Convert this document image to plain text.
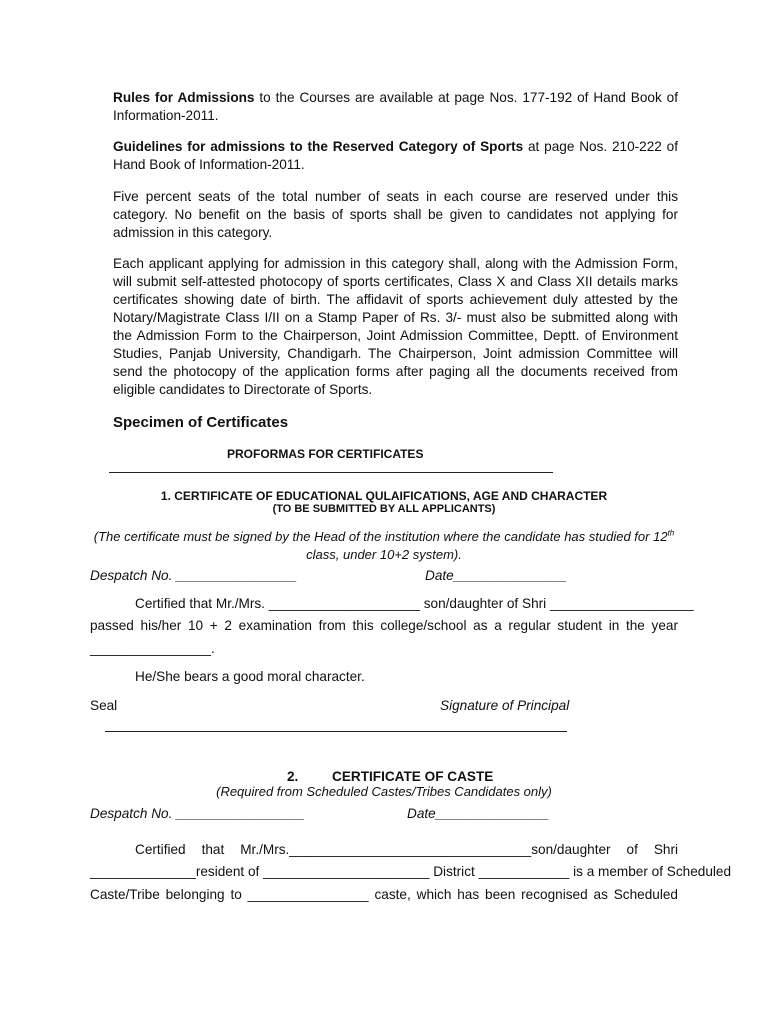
Rules for Admissions to the Courses are available at page Nos. 177-192 of Hand Book of Information-2011.

Guidelines for admissions to the Reserved Category of Sports at page Nos. 210-222 of Hand Book of Information-2011.

Five percent seats of the total number of seats in each course are reserved under this category. No benefit on the basis of sports shall be given to candidates not applying for admission in this category.

Each applicant applying for admission in this category shall, along with the Admission Form, will submit self-attested photocopy of sports certificates, Class X and Class XII details marks certificates showing date of birth. The affidavit of sports achievement duly attested by the Notary/Magistrate Class I/II on a Stamp Paper of Rs. 3/- must also be submitted along with the Admission Form to the Chairperson, Joint Admission Committee, Deptt. of Environment Studies, Panjab University, Chandigarh. The Chairperson, Joint admission Committee will send the photocopy of the application forms after paging all the documents received from eligible candidates to Directorate of Sports.

Specimen of Certificates
PROFORMAS FOR CERTIFICATES
1. CERTIFICATE OF EDUCATIONAL QULAIFICATIONS, AGE AND CHARACTER
(TO BE SUBMITTED BY ALL APPLICANTS)
(The certificate must be signed by the Head of the institution where the candidate has studied for 12th
class, under 10+2 system).
Despatch No. ________________	Date_______________
Certified that Mr./Mrs. ____________________ son/daughter of Shri ___________________
passed his/her 10 + 2 examination from this college/school as a regular student in the year
________________.
He/She bears a good moral character.
Seal	Signature of Principal
2. CERTIFICATE OF CASTE
(Required from Scheduled Castes/Tribes Candidates only)
Despatch No. _________________	Date_______________
Certified that Mr./Mrs.________________________________son/daughter of Shri
______________resident of ______________________ District ____________ is a member of Scheduled
Caste/Tribe belonging to ________________ caste, which has been recognised as Scheduled
